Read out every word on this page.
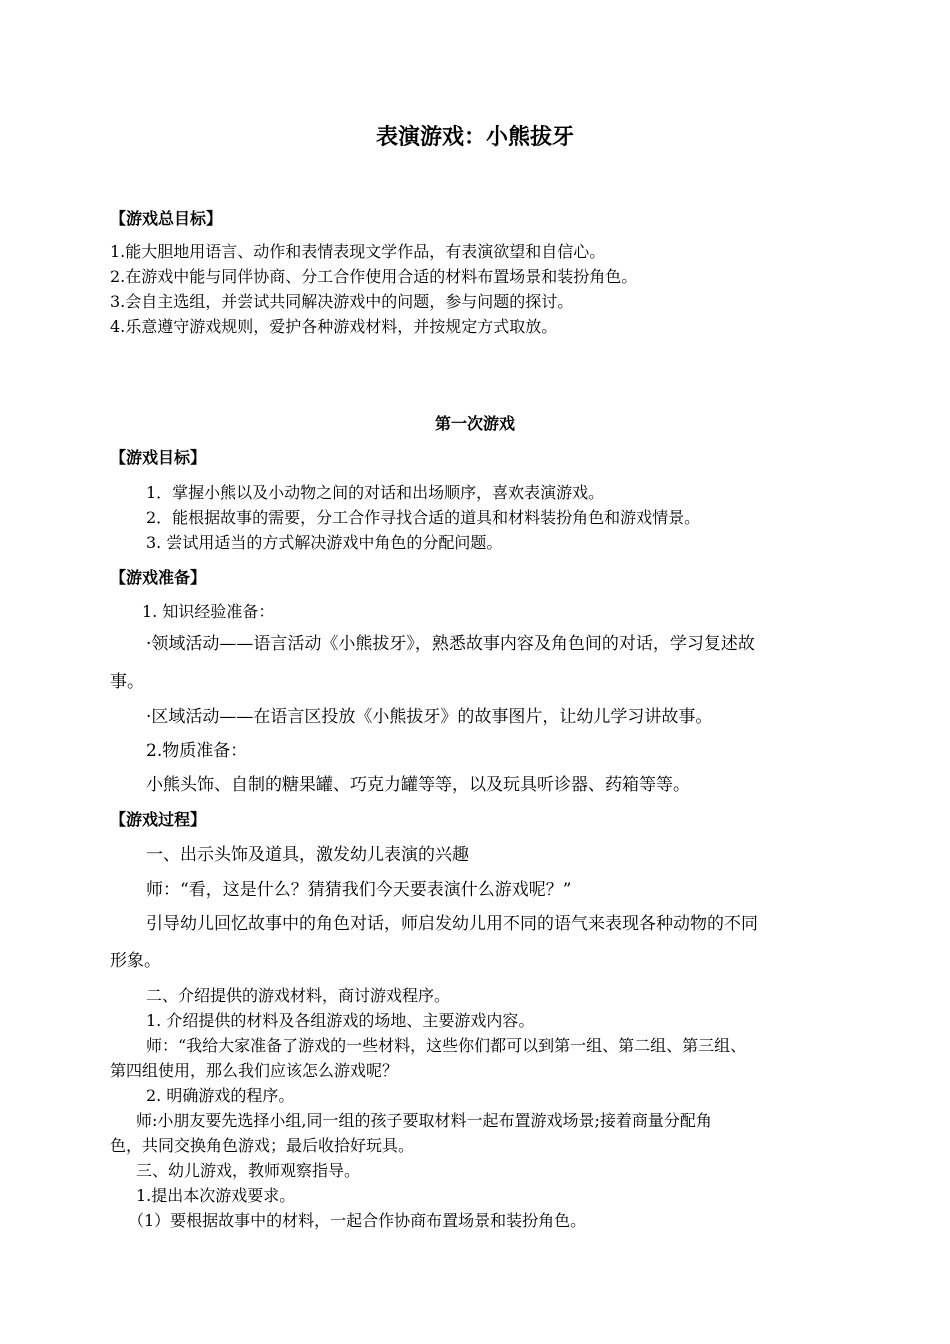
表演游戏：小熊拔牙
【游戏总目标】
1.能大胆地用语言、动作和表情表现文学作品，有表演欲望和自信心。
2.在游戏中能与同伴协商、分工合作使用合适的材料布置场景和装扮角色。
3.会自主选组，并尝试共同解决游戏中的问题，参与问题的探讨。
4.乐意遵守游戏规则，爱护各种游戏材料，并按规定方式取放。
第一次游戏
【游戏目标】
1．掌握小熊以及小动物之间的对话和出场顺序，喜欢表演游戏。
2．能根据故事的需要，分工合作寻找合适的道具和材料装扮角色和游戏情景。
3. 尝试用适当的方式解决游戏中角色的分配问题。
【游戏准备】
1. 知识经验准备：
·领域活动——语言活动《小熊拔牙》，熟悉故事内容及角色间的对话，学习复述故
事。
·区域活动——在语言区投放《小熊拔牙》的故事图片，让幼儿学习讲故事。
2.物质准备：
小熊头饰、自制的糖果罐、巧克力罐等等，以及玩具听诊器、药箱等等。
【游戏过程】
一、出示头饰及道具，激发幼儿表演的兴趣
师：“看，这是什么？猜猜我们今天要表演什么游戏呢？”
引导幼儿回忆故事中的角色对话，师启发幼儿用不同的语气来表现各种动物的不同
形象。
二、介绍提供的游戏材料，商讨游戏程序。
1. 介绍提供的材料及各组游戏的场地、主要游戏内容。
师：“我给大家准备了游戏的一些材料，这些你们都可以到第一组、第二组、第三组、
第四组使用，那么我们应该怎么游戏呢？
2. 明确游戏的程序。
师:小朋友要先选择小组,同一组的孩子要取材料一起布置游戏场景;接着商量分配角
色，共同交换角色游戏；最后收拾好玩具。
三、幼儿游戏，教师观察指导。
1.提出本次游戏要求。
（1）要根据故事中的材料，一起合作协商布置场景和装扮角色。
